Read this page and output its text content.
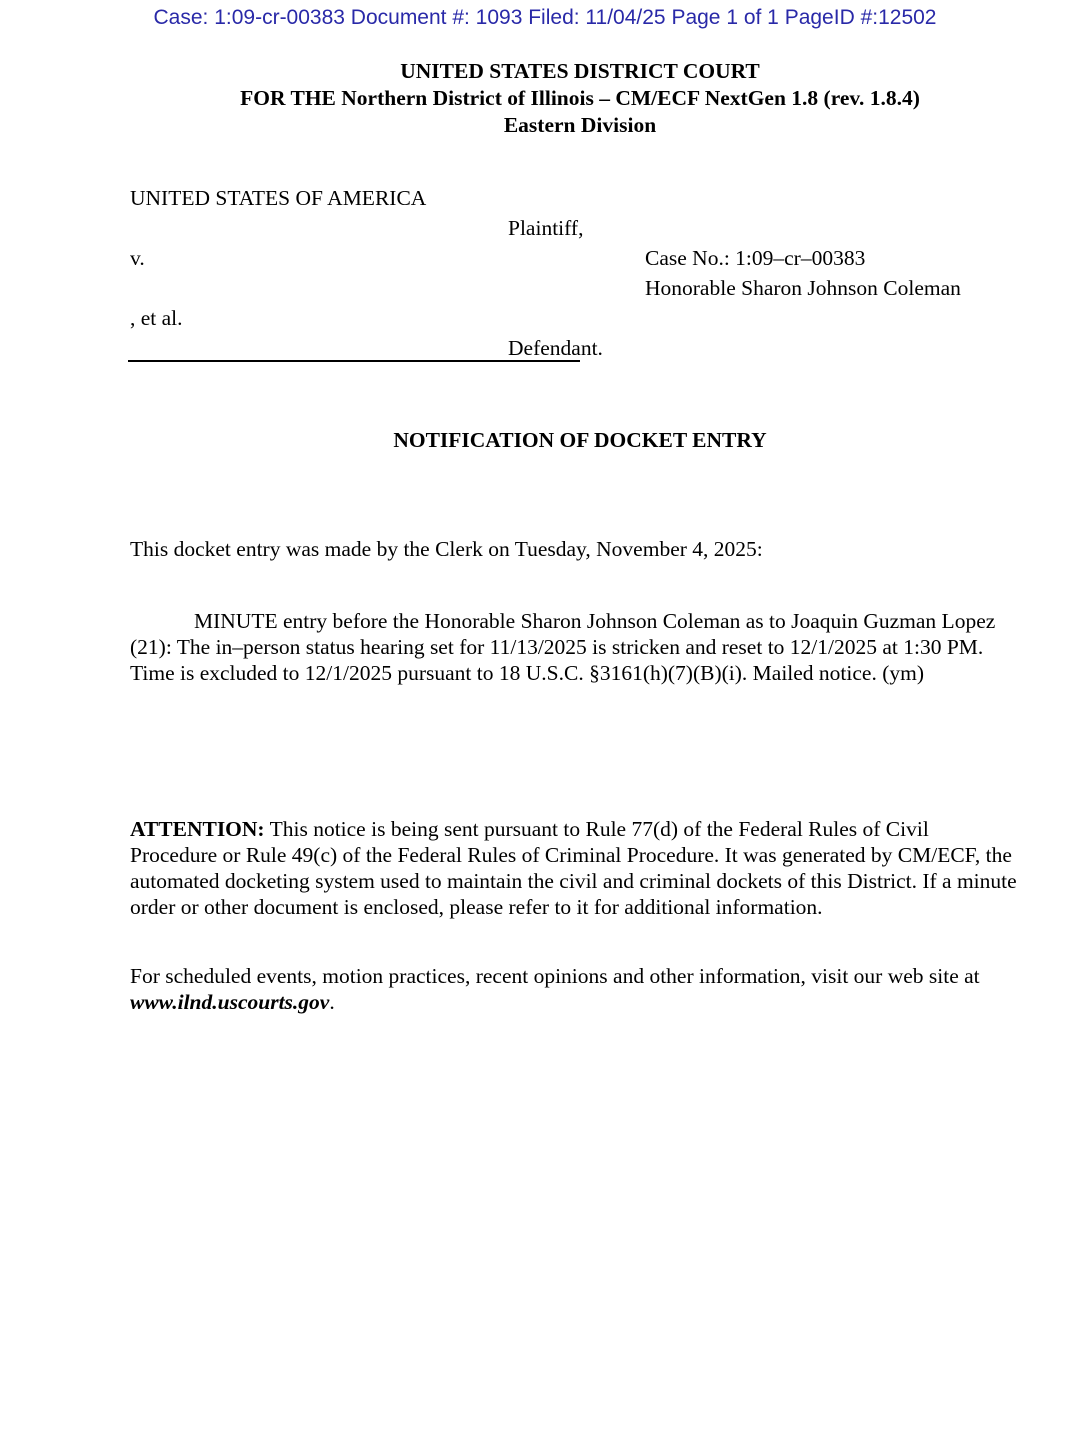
Case: 1:09-cr-00383 Document #: 1093 Filed: 11/04/25 Page 1 of 1 PageID #:12502
UNITED STATES DISTRICT COURT
FOR THE Northern District of Illinois – CM/ECF NextGen 1.8 (rev. 1.8.4)
Eastern Division
UNITED STATES OF AMERICA
Plaintiff,
v.

, et al.
Defendant.
Case No.: 1:09–cr–00383
Honorable Sharon Johnson Coleman
NOTIFICATION OF DOCKET ENTRY
This docket entry was made by the Clerk on Tuesday, November 4, 2025:
MINUTE entry before the Honorable Sharon Johnson Coleman as to Joaquin Guzman Lopez (21): The in–person status hearing set for 11/13/2025 is stricken and reset to 12/1/2025 at 1:30 PM. Time is excluded to 12/1/2025 pursuant to 18 U.S.C. §3161(h)(7)(B)(i). Mailed notice. (ym)
ATTENTION: This notice is being sent pursuant to Rule 77(d) of the Federal Rules of Civil Procedure or Rule 49(c) of the Federal Rules of Criminal Procedure. It was generated by CM/ECF, the automated docketing system used to maintain the civil and criminal dockets of this District. If a minute order or other document is enclosed, please refer to it for additional information.
For scheduled events, motion practices, recent opinions and other information, visit our web site at www.ilnd.uscourts.gov.
